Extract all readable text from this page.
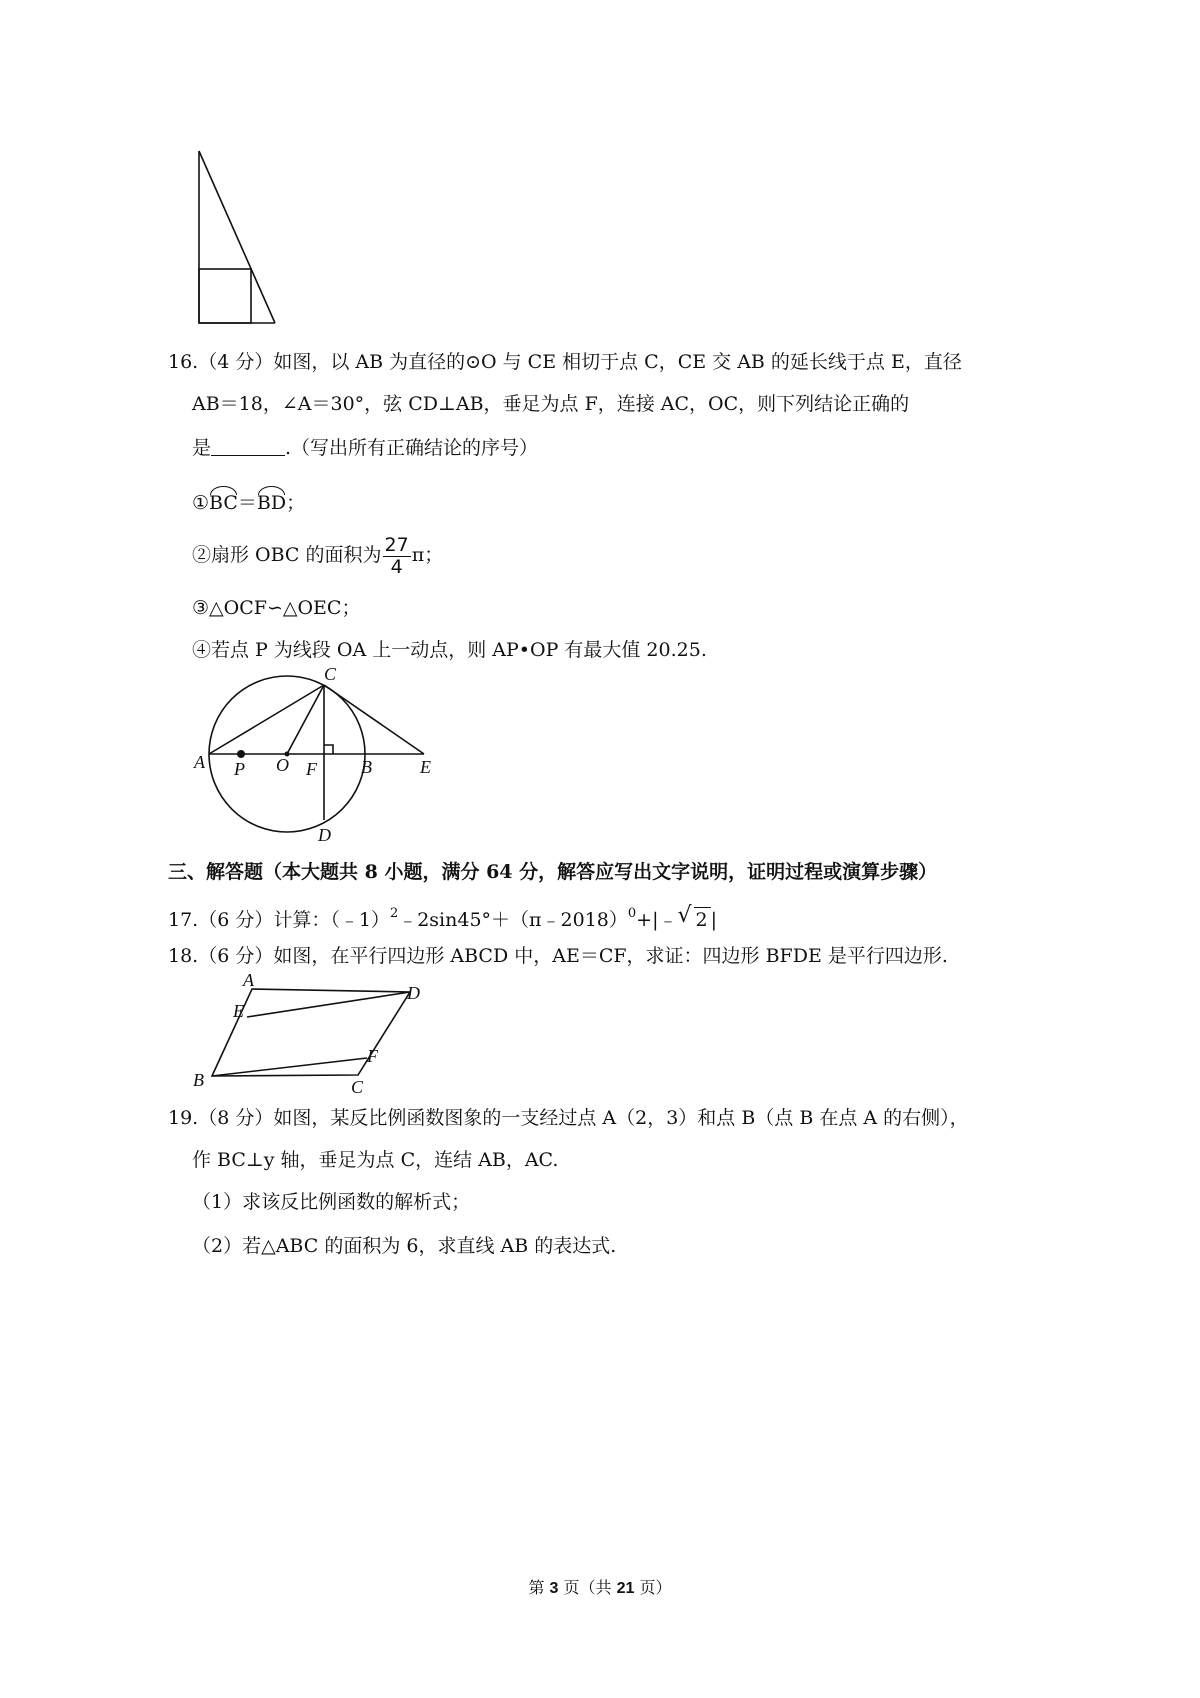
16.（4 分）如图，以 AB 为直径的⊙O 与 CE 相切于点 C，CE 交 AB 的延长线于点 E，直径
AB＝18，∠A＝30°，弦 CD⊥AB，垂足为点 F，连接 AC，OC，则下列结论正确的
是	.（写出所有正确结论的序号）
①BC＝BD；
②扇形 OBC 的面积为 $\frac{27}{4}$ π；
③△OCF∽△OEC；
④若点 P 为线段 OA 上一动点，则 AP•OP 有最大值 20.25.
A P O F B	E
C
D
三、解答题（本大题共 8 小题，满分 64 分，解答应写出文字说明，证明过程或演算步骤）
17.（6 分）计算：（﹣1）$^2$﹣2sin45°＋（π﹣2018）$^0$+|﹣√ 2 |
18.（6 分）如图，在平行四边形 ABCD 中，AE＝CF，求证：四边形 BFDE 是平行四边形.
A
E
D
F
B	C
19.（8 分）如图，某反比例函数图象的一支经过点 A（2，3）和点 B（点 B 在点 A 的右侧），
作 BC⊥y 轴，垂足为点 C，连结 AB，AC.
（1）求该反比例函数的解析式；
（2）若△ABC 的面积为 6，求直线 AB 的表达式.
第 3 页（共 21 页）
